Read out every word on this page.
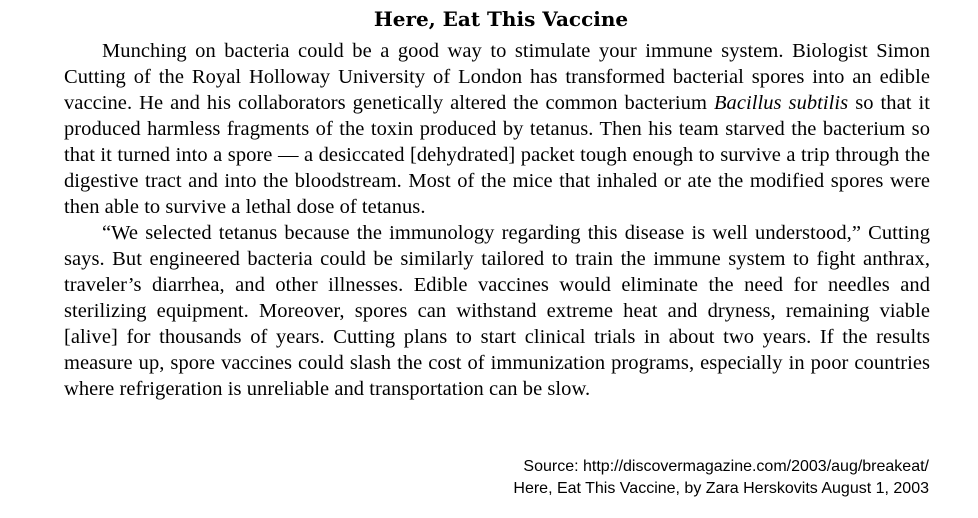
Here, Eat This Vaccine

Munching on bacteria could be a good way to stimulate your immune system. Biologist Simon Cutting of the Royal Holloway University of London has transformed bacterial spores into an edible vaccine. He and his collaborators genetically altered the common bacterium Bacillus subtilis so that it produced harmless fragments of the toxin produced by tetanus. Then his team starved the bacterium so that it turned into a spore — a desiccated [dehydrated] packet tough enough to survive a trip through the digestive tract and into the bloodstream. Most of the mice that inhaled or ate the modified spores were then able to survive a lethal dose of tetanus.

“We selected tetanus because the immunology regarding this disease is well understood,” Cutting says. But engineered bacteria could be similarly tailored to train the immune system to fight anthrax, traveler’s diarrhea, and other illnesses. Edible vaccines would eliminate the need for needles and sterilizing equipment. Moreover, spores can withstand extreme heat and dryness, remaining viable [alive] for thousands of years. Cutting plans to start clinical trials in about two years. If the results measure up, spore vaccines could slash the cost of immunization programs, especially in poor countries where refrigeration is unreliable and transportation can be slow.

Source: http://discovermagazine.com/2003/aug/breakeat/
Here, Eat This Vaccine, by Zara Herskovits August 1, 2003
